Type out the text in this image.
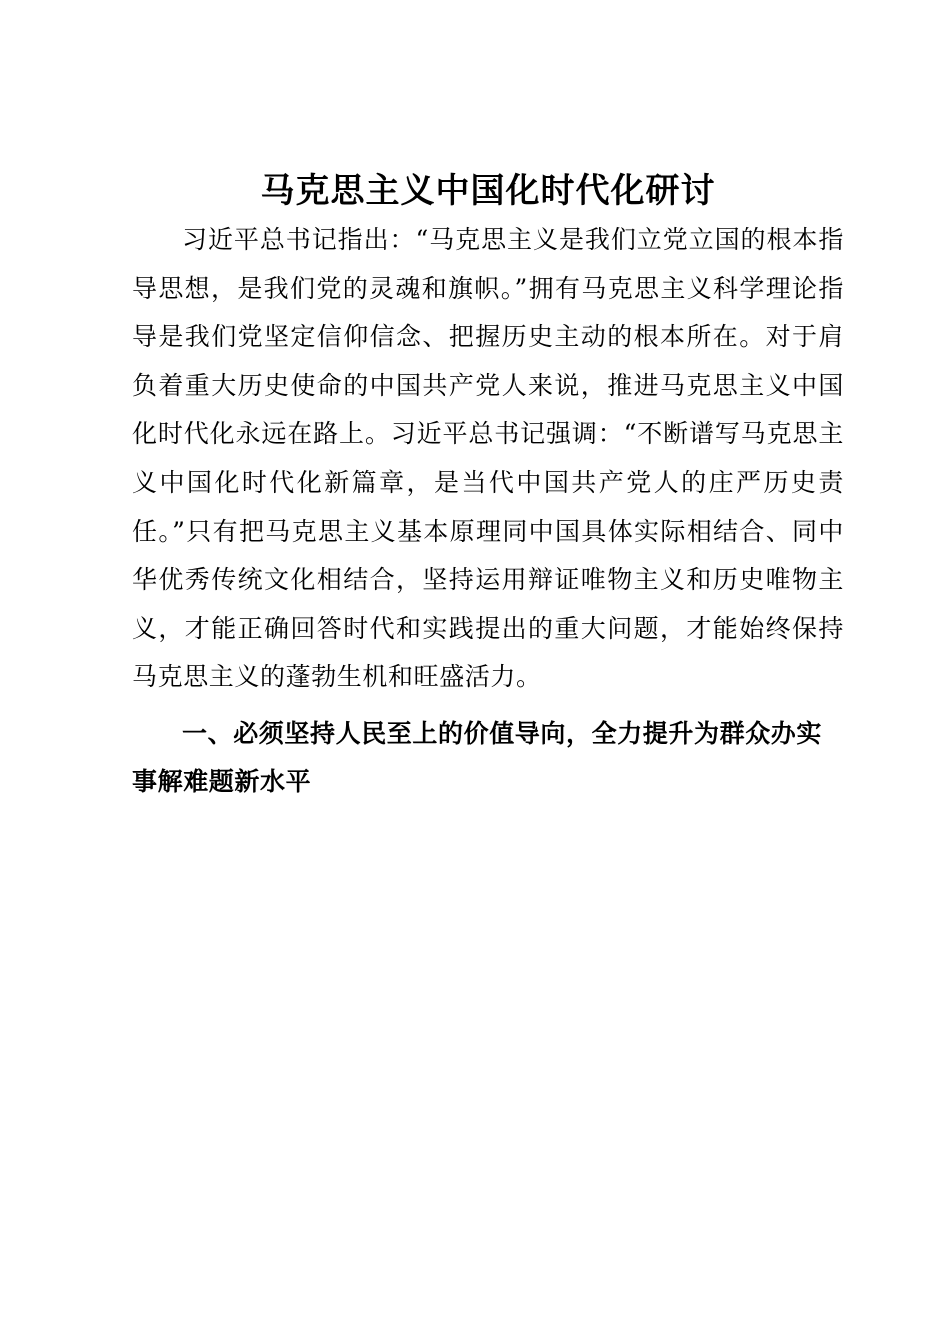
马克思主义中国化时代化研讨

习近平总书记指出：“马克思主义是我们立党立国的根本指导思想，是我们党的灵魂和旗帜。”拥有马克思主义科学理论指导是我们党坚定信仰信念、把握历史主动的根本所在。对于肩负着重大历史使命的中国共产党人来说，推进马克思主义中国化时代化永远在路上。习近平总书记强调：“不断谱写马克思主义中国化时代化新篇章，是当代中国共产党人的庄严历史责任。”只有把马克思主义基本原理同中国具体实际相结合、同中华优秀传统文化相结合，坚持运用辩证唯物主义和历史唯物主义，才能正确回答时代和实践提出的重大问题，才能始终保持马克思主义的蓬勃生机和旺盛活力。

一、必须坚持人民至上的价值导向，全力提升为群众办实事解难题新水平
